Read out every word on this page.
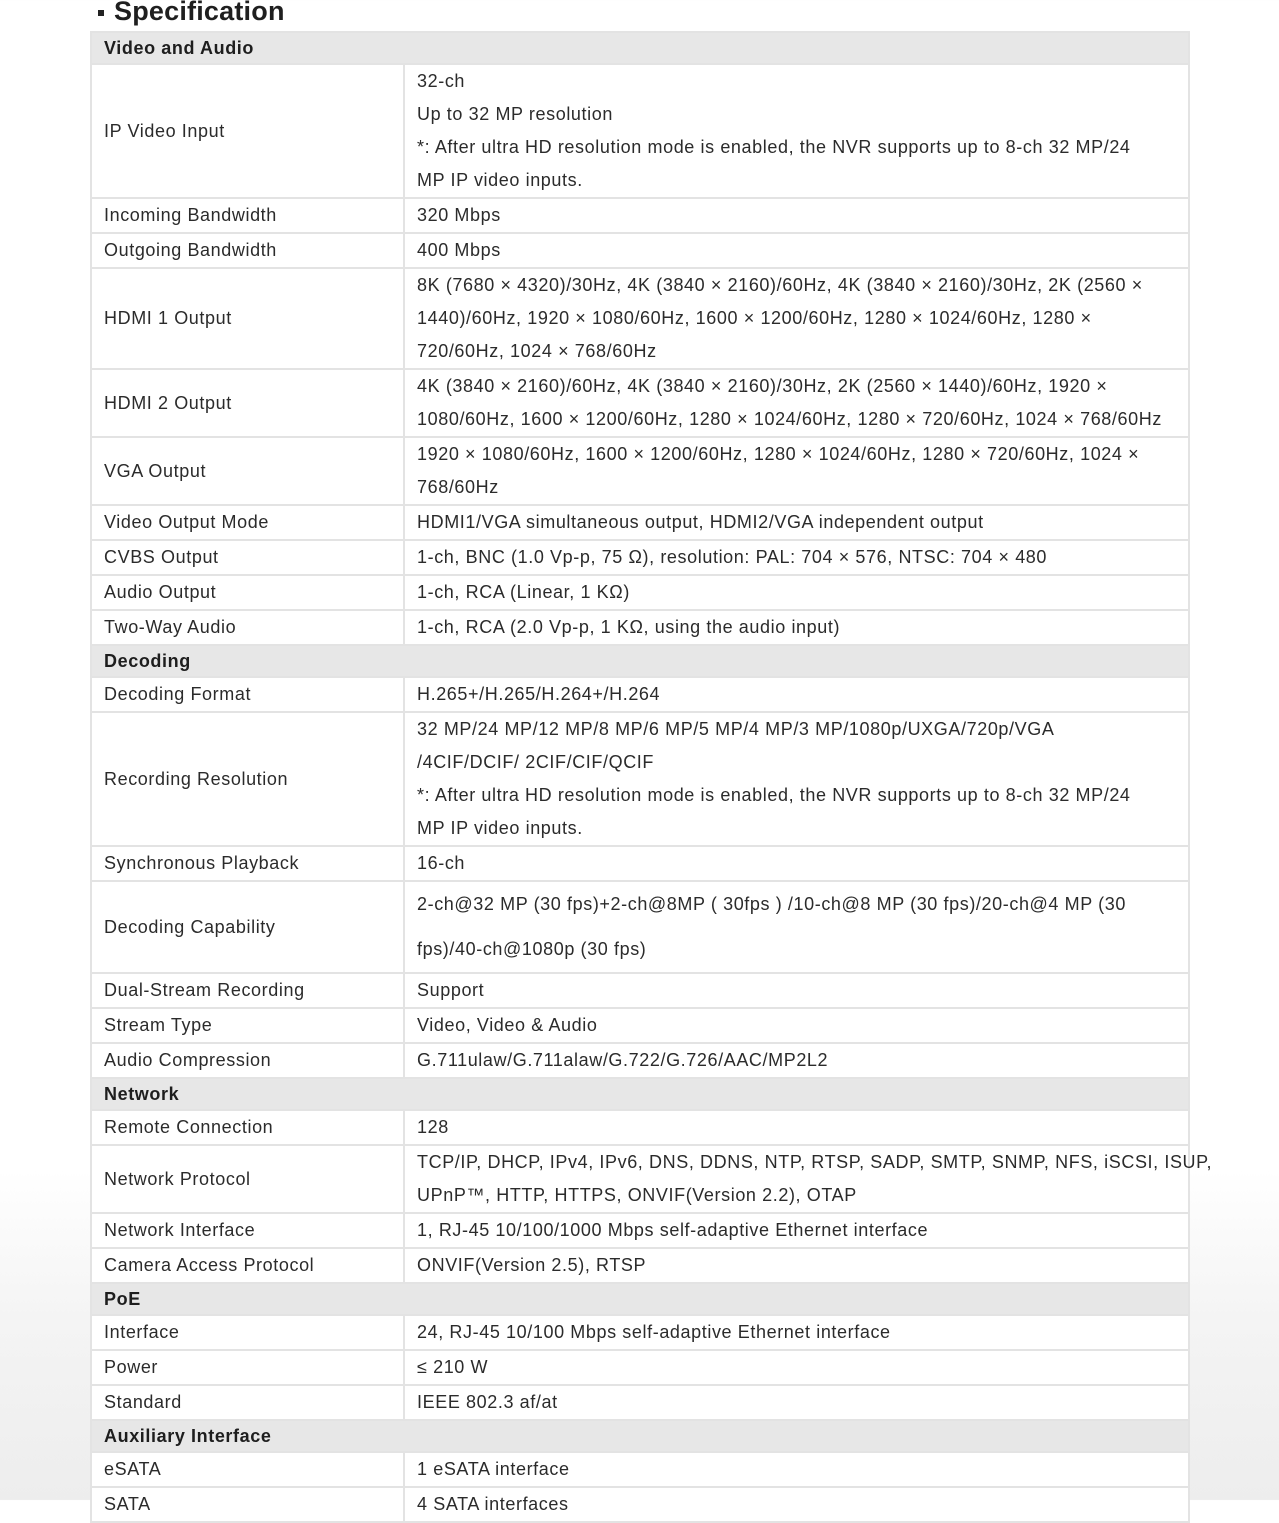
Specification
Video and Audio	
IP Video Input	32-ch
Up to 32 MP resolution
*: After ultra HD resolution mode is enabled, the NVR supports up to 8-ch 32 MP/24
MP IP video inputs.

Incoming Bandwidth	320 Mbps

Outgoing Bandwidth	400 Mbps

HDMI 1 Output	8K (7680 × 4320)/30Hz, 4K (3840 × 2160)/60Hz, 4K (3840 × 2160)/30Hz, 2K (2560 ×
1440)/60Hz, 1920 × 1080/60Hz, 1600 × 1200/60Hz, 1280 × 1024/60Hz, 1280 ×
720/60Hz, 1024 × 768/60Hz

HDMI 2 Output	4K (3840 × 2160)/60Hz, 4K (3840 × 2160)/30Hz, 2K (2560 × 1440)/60Hz, 1920 ×
1080/60Hz, 1600 × 1200/60Hz, 1280 × 1024/60Hz, 1280 × 720/60Hz, 1024 × 768/60Hz

VGA Output	1920 × 1080/60Hz, 1600 × 1200/60Hz, 1280 × 1024/60Hz, 1280 × 720/60Hz, 1024 ×
768/60Hz

Video Output Mode	HDMI1/VGA simultaneous output, HDMI2/VGA independent output

CVBS Output	1-ch, BNC (1.0 Vp-p, 75 Ω), resolution: PAL: 704 × 576, NTSC: 704 × 480

Audio Output	1-ch, RCA (Linear, 1 KΩ)

Two-Way Audio	1-ch, RCA (2.0 Vp-p, 1 KΩ, using the audio input)

Decoding	
Decoding Format	H.265+/H.265/H.264+/H.264

Recording Resolution	32 MP/24 MP/12 MP/8 MP/6 MP/5 MP/4 MP/3 MP/1080p/UXGA/720p/VGA
/4CIF/DCIF/ 2CIF/CIF/QCIF
*: After ultra HD resolution mode is enabled, the NVR supports up to 8-ch 32 MP/24
MP IP video inputs.

Synchronous Playback	16-ch

Decoding Capability	2-ch@32 MP (30 fps)+2-ch@8MP ( 30fps ) /10-ch@8 MP (30 fps)/20-ch@4 MP (30
fps)/40-ch@1080p (30 fps)

Dual-Stream Recording	Support

Stream Type	Video, Video & Audio

Audio Compression	G.711ulaw/G.711alaw/G.722/G.726/AAC/MP2L2

Network	
Remote Connection	128

Network Protocol	TCP/IP, DHCP, IPv4, IPv6, DNS, DDNS, NTP, RTSP, SADP, SMTP, SNMP, NFS, iSCSI, ISUP,
UPnP™, HTTP, HTTPS, ONVIF(Version 2.2), OTAP

Network Interface	1, RJ-45 10/100/1000 Mbps self-adaptive Ethernet interface

Camera Access Protocol	ONVIF(Version 2.5), RTSP

PoE	
Interface	24, RJ-45 10/100 Mbps self-adaptive Ethernet interface

Power	≤ 210 W

Standard	IEEE 802.3 af/at

Auxiliary Interface	
eSATA	1 eSATA interface

SATA	4 SATA interfaces
